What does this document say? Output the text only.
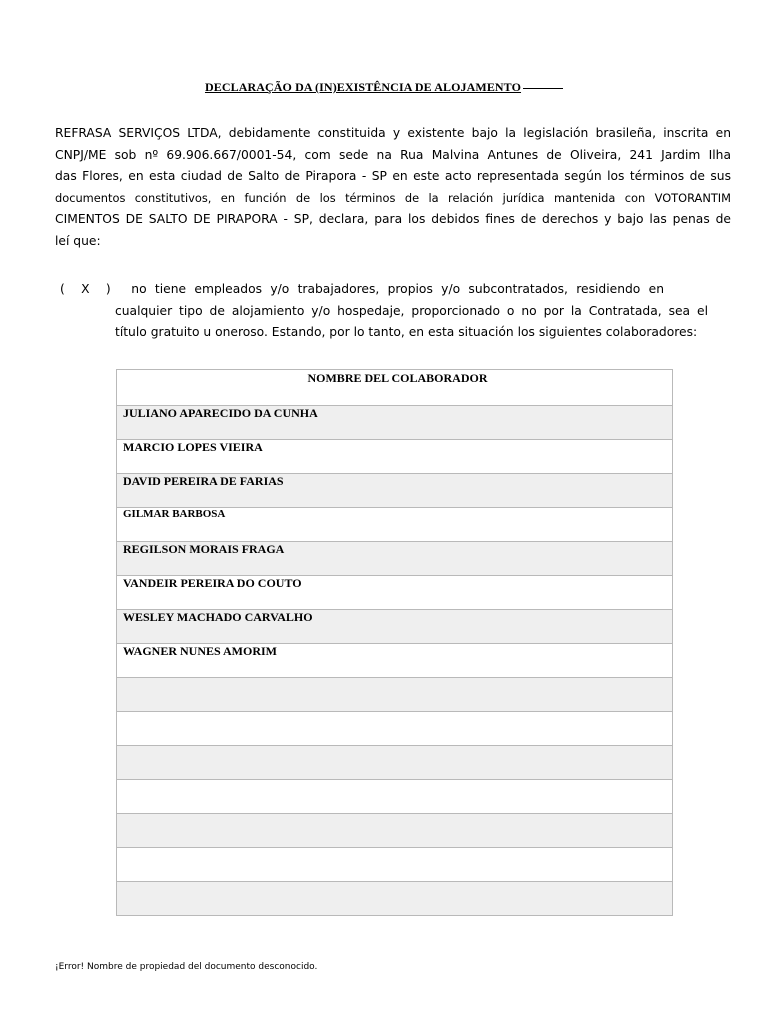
DECLARAÇÃO DA (IN)EXISTÊNCIA DE ALOJAMENTO
REFRASA SERVIÇOS LTDA, debidamente constituida y existente bajo la legislación brasileña, inscrita en
CNPJ/ME sob nº 69.906.667/0001-54, com sede na Rua Malvina Antunes de Oliveira, 241 Jardim Ilha
das Flores, en esta ciudad de Salto de Pirapora - SP en este acto representada según los términos de sus
documentos constitutivos, en función de los términos de la relación jurídica mantenida con VOTORANTIM
CIMENTOS DE SALTO DE PIRAPORA - SP, declara, para los debidos fines de derechos y bajo las penas de
leí que:
( X ) no tiene empleados y/o trabajadores, propios y/o subcontratados, residiendo en
cualquier tipo de alojamiento y/o hospedaje, proporcionado o no por la Contratada, sea el
título gratuito u oneroso. Estando, por lo tanto, en esta situación los siguientes colaboradores:
NOMBRE DEL COLABORADOR
JULIANO APARECIDO DA CUNHA
MARCIO LOPES VIEIRA
DAVID PEREIRA DE FARIAS
GILMAR BARBOSA
REGILSON MORAIS FRAGA
VANDEIR PEREIRA DO COUTO
WESLEY MACHADO CARVALHO
WAGNER NUNES AMORIM

¡Error! Nombre de propiedad del documento desconocido.
